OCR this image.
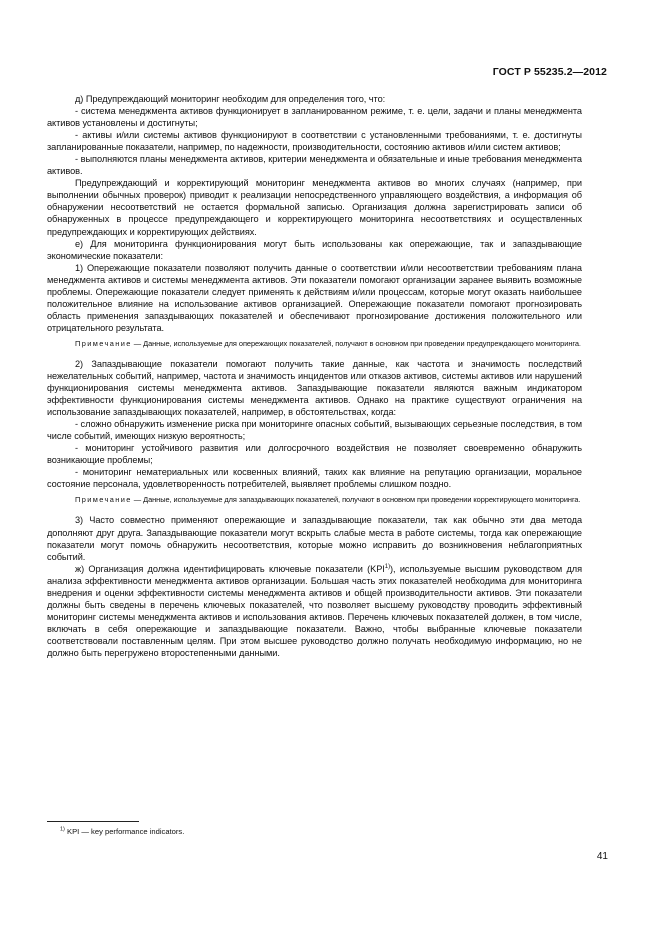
ГОСТ Р 55235.2—2012

д) Предупреждающий мониторинг необходим для определения того, что:

- система менеджмента активов функционирует в запланированном режиме, т. е. цели, задачи и планы менеджмента активов установлены и достигнуты;

- активы и/или системы активов функционируют в соответствии с установленными требованиями, т. е. достигнуты запланированные показатели, например, по надежности, производительности, состоянию активов и/или систем активов;

- выполняются планы менеджмента активов, критерии менеджмента и обязательные и иные требования менеджмента активов.

Предупреждающий и корректирующий мониторинг менеджмента активов во многих случаях (например, при выполнении обычных проверок) приводит к реализации непосредственного управляющего воздействия, а информация об обнаружении несоответствий не остается формальной записью. Организация должна зарегистрировать записи об обнаруженных в процессе предупреждающего и корректирующего мониторинга несоответствиях и осуществленных предупреждающих и корректирующих действиях.

е) Для мониторинга функционирования могут быть использованы как опережающие, так и запаздывающие экономические показатели:

1) Опережающие показатели позволяют получить данные о соответствии и/или несоответствии требованиям плана менеджмента активов и системы менеджмента активов. Эти показатели помогают организации заранее выявить возможные проблемы. Опережающие показатели следует применять к действиям и/или процессам, которые могут оказать наибольшее положительное влияние на использование активов организацией. Опережающие показатели помогают прогнозировать область применения запаздывающих показателей и обеспечивают прогнозирование достижения положительного или отрицательного результата.

Примечание — Данные, используемые для опережающих показателей, получают в основном при проведении предупреждающего мониторинга.

2) Запаздывающие показатели помогают получить такие данные, как частота и значимость последствий нежелательных событий, например, частота и значимость инцидентов или отказов активов, системы активов или нарушений функционирования системы менеджмента активов. Запаздывающие показатели являются важным индикатором эффективности функционирования системы менеджмента активов. Однако на практике существуют ограничения на использование запаздывающих показателей, например, в обстоятельствах, когда:

- сложно обнаружить изменение риска при мониторинге опасных событий, вызывающих серьезные последствия, в том числе событий, имеющих низкую вероятность;

- мониторинг устойчивого развития или долгосрочного воздействия не позволяет своевременно обнаружить возникающие проблемы;

- мониторинг нематериальных или косвенных влияний, таких как влияние на репутацию организации, моральное состояние персонала, удовлетворенность потребителей, выявляет проблемы слишком поздно.

Примечание — Данные, используемые для запаздывающих показателей, получают в основном при проведении корректирующего мониторинга.

3) Часто совместно применяют опережающие и запаздывающие показатели, так как обычно эти два метода дополняют друг друга. Запаздывающие показатели могут вскрыть слабые места в работе системы, тогда как опережающие показатели могут помочь обнаружить несоответствия, которые можно исправить до возникновения неблагоприятных событий.

ж) Организация должна идентифицировать ключевые показатели (KPI$^{1)}$), используемые высшим руководством для анализа эффективности менеджмента активов организации. Большая часть этих показателей необходима для мониторинга внедрения и оценки эффективности системы менеджмента активов и общей производительности активов. Эти показатели должны быть сведены в перечень ключевых показателей, что позволяет высшему руководству проводить эффективный мониторинг системы менеджмента активов и использования активов. Перечень ключевых показателей должен, в том числе, включать в себя опережающие и запаздывающие показатели. Важно, чтобы выбранные ключевые показатели соответствовали поставленным целям. При этом высшее руководство должно получать необходимую информацию, но не должно быть перегружено второстепенными данными.

$^{1)}$ KPI — key performance indicators.
41
